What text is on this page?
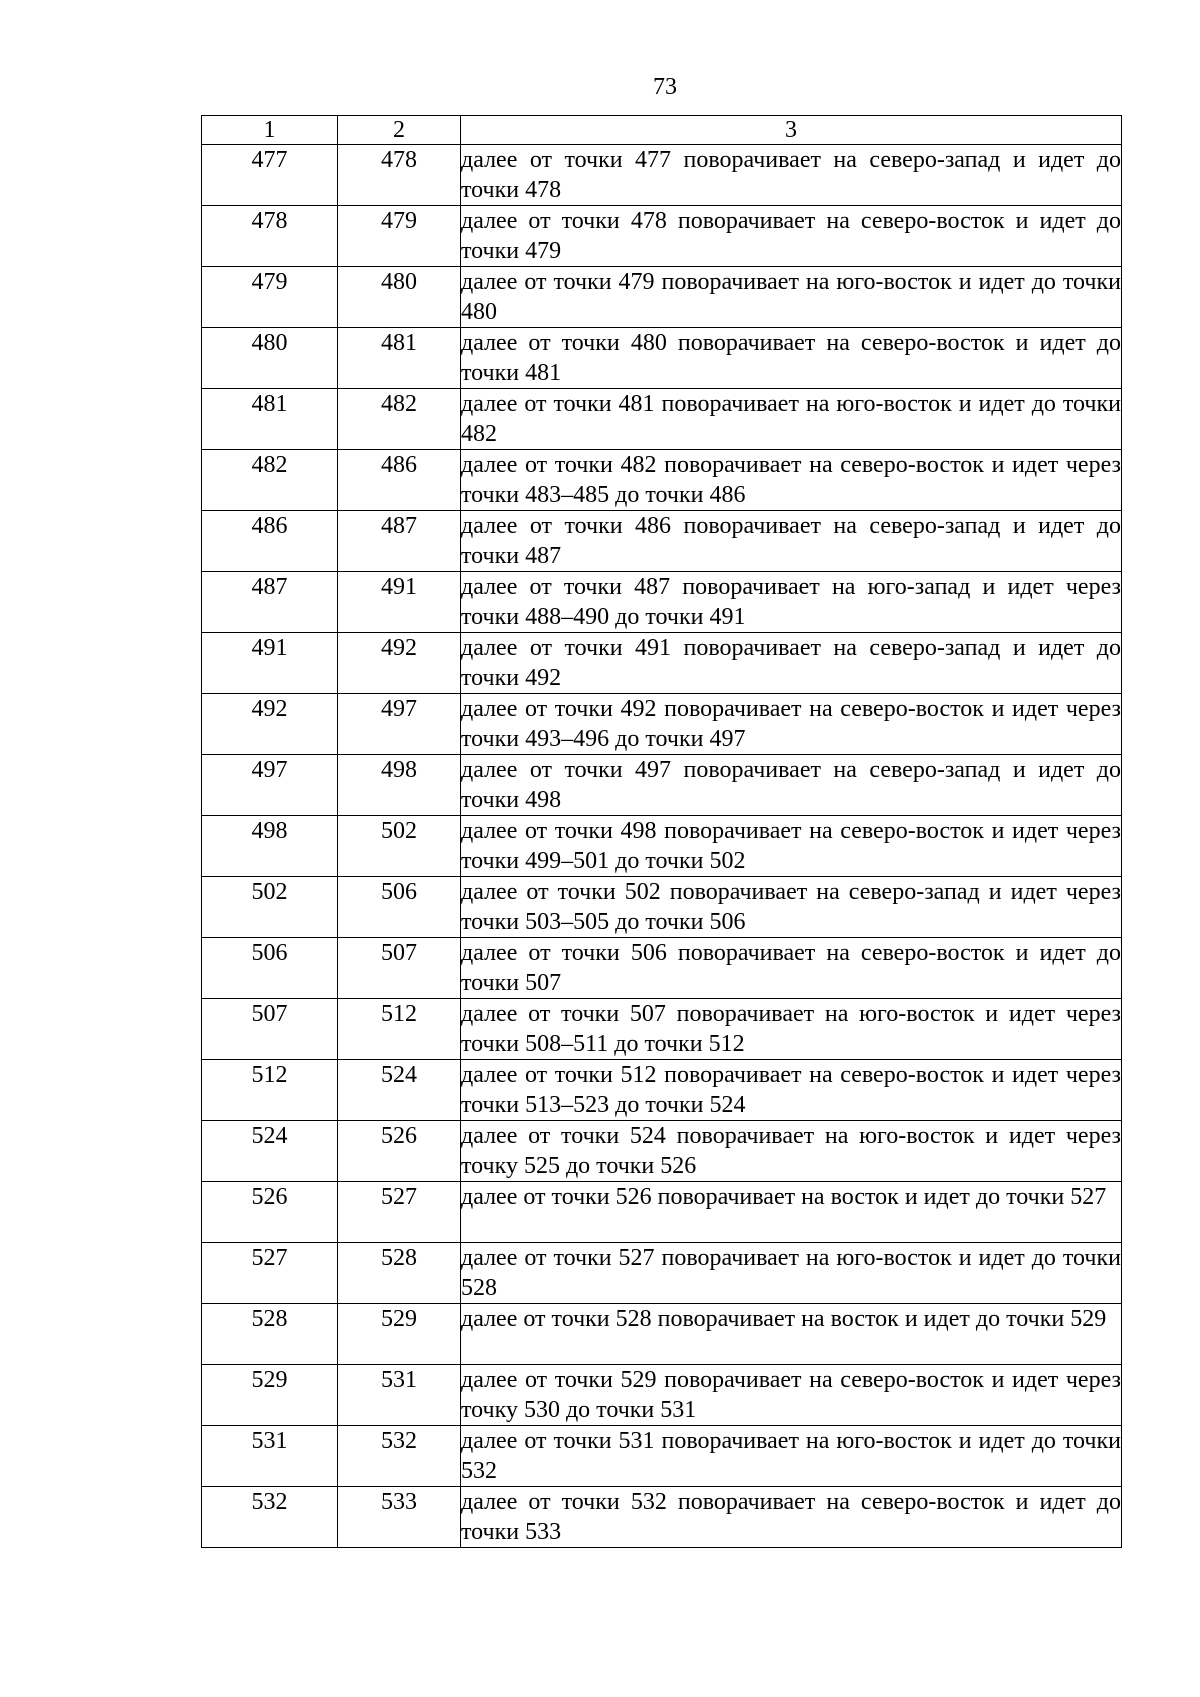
73
1	2	3
477	478	далее от точки 477 поворачивает на северо-запад и идет до точки 478
478	479	далее от точки 478 поворачивает на северо-восток и идет до точки 479
479	480	далее от точки 479 поворачивает на юго-восток и идет до точки 480
480	481	далее от точки 480 поворачивает на северо-восток и идет до точки 481
481	482	далее от точки 481 поворачивает на юго-восток и идет до точки 482
482	486	далее от точки 482 поворачивает на северо-восток и идет через точки 483–485 до точки 486
486	487	далее от точки 486 поворачивает на северо-запад и идет до точки 487
487	491	далее от точки 487 поворачивает на юго-запад и идет через точки 488–490 до точки 491
491	492	далее от точки 491 поворачивает на северо-запад и идет до точки 492
492	497	далее от точки 492 поворачивает на северо-восток и идет через точки 493–496 до точки 497
497	498	далее от точки 497 поворачивает на северо-запад и идет до точки 498
498	502	далее от точки 498 поворачивает на северо-восток и идет через точки 499–501 до точки 502
502	506	далее от точки 502 поворачивает на северо-запад и идет через точки 503–505 до точки 506
506	507	далее от точки 506 поворачивает на северо-восток и идет до точки 507
507	512	далее от точки 507 поворачивает на юго-восток и идет через точки 508–511 до точки 512
512	524	далее от точки 512 поворачивает на северо-восток и идет через точки 513–523 до точки 524
524	526	далее от точки 524 поворачивает на юго-восток и идет через точку 525 до точки 526
526	527	далее от точки 526 поворачивает на восток и идет до точки 527
527	528	далее от точки 527 поворачивает на юго-восток и идет до точки 528
528	529	далее от точки 528 поворачивает на восток и идет до точки 529
529	531	далее от точки 529 поворачивает на северо-восток и идет через точку 530 до точки 531
531	532	далее от точки 531 поворачивает на юго-восток и идет до точки 532
532	533	далее от точки 532 поворачивает на северо-восток и идет до точки 533
